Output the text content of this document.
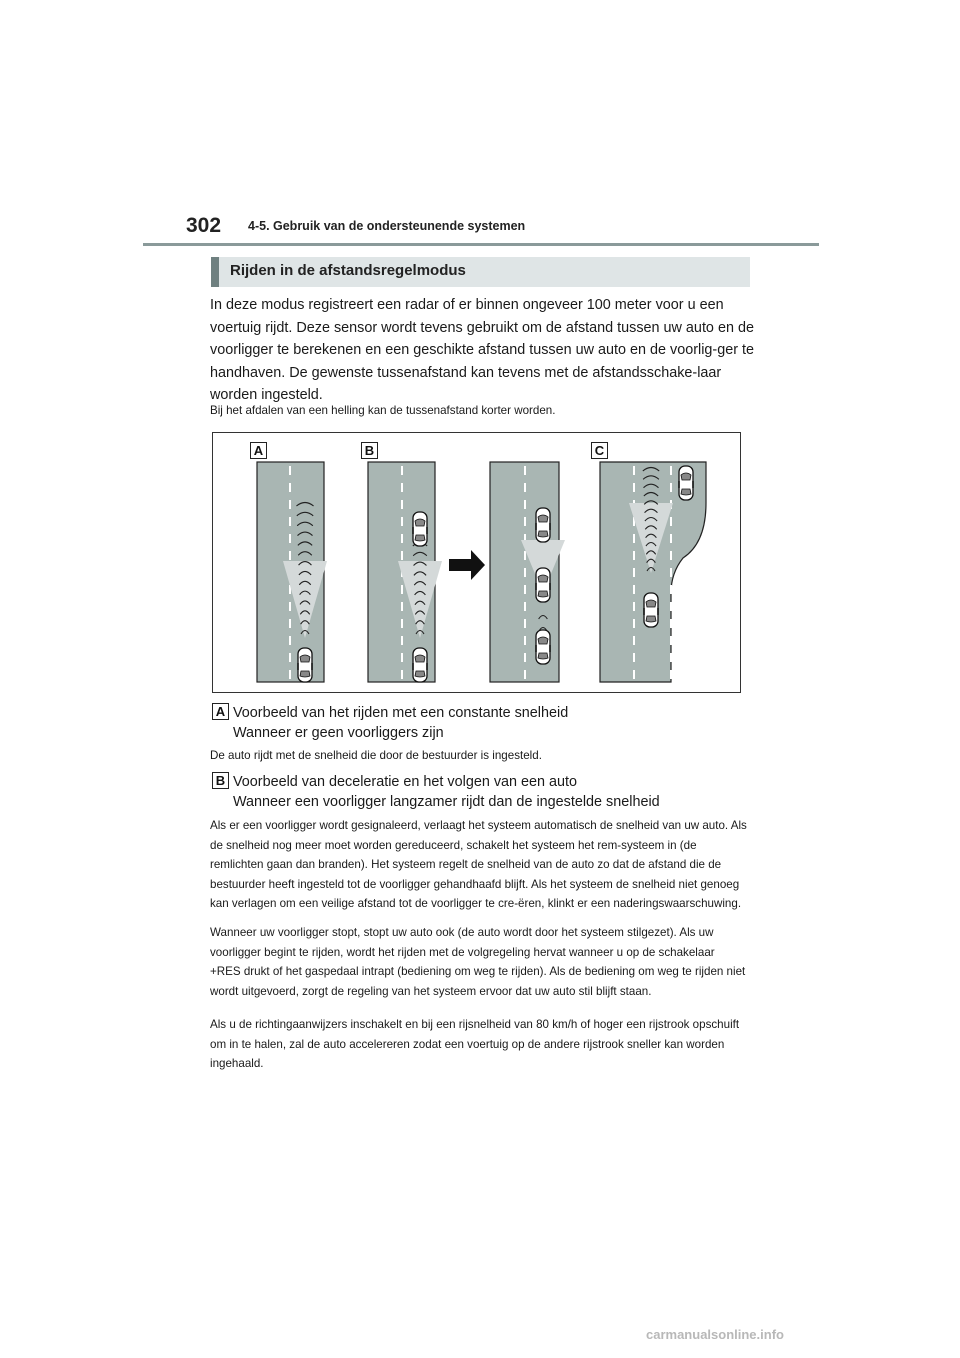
302 4-5. Gebruik van de ondersteunende systemen
Rijden in de afstandsregelmodus

In deze modus registreert een radar of er binnen ongeveer 100 meter voor u een voertuig rijdt. Deze sensor wordt tevens gebruikt om de afstand tussen uw auto en de voorligger te berekenen en een geschikte afstand tussen uw auto en de voorlig-ger te handhaven. De gewenste tussenafstand kan tevens met de afstandsschake-laar worden ingesteld.

Bij het afdalen van een helling kan de tussenafstand korter worden.

A	B	C
A Voorbeeld van het rijden met een constante snelheid

Wanneer er geen voorliggers zijn

De auto rijdt met de snelheid die door de bestuurder is ingesteld.

B Voorbeeld van deceleratie en het volgen van een auto

Wanneer een voorligger langzamer rijdt dan de ingestelde snelheid

Als er een voorligger wordt gesignaleerd, verlaagt het systeem automatisch de snelheid van uw auto. Als de snelheid nog meer moet worden gereduceerd, schakelt het systeem het rem-systeem in (de remlichten gaan dan branden). Het systeem regelt de snelheid van de auto zo dat de afstand die de bestuurder heeft ingesteld tot de voorligger gehandhaafd blijft. Als het systeem de snelheid niet genoeg kan verlagen om een veilige afstand tot de voorligger te cre-ëren, klinkt er een naderingswaarschuwing.

Wanneer uw voorligger stopt, stopt uw auto ook (de auto wordt door het systeem stilgezet). Als uw voorligger begint te rijden, wordt het rijden met de volgregeling hervat wanneer u op de schakelaar +RES drukt of het gaspedaal intrapt (bediening om weg te rijden). Als de bediening om weg te rijden niet wordt uitgevoerd, zorgt de regeling van het systeem ervoor dat uw auto stil blijft staan.

Als u de richtingaanwijzers inschakelt en bij een rijsnelheid van 80 km/h of hoger een rijstrook opschuift om in te halen, zal de auto accelereren zodat een voertuig op de andere rijstrook sneller kan worden ingehaald.

carmanualsonline.info
